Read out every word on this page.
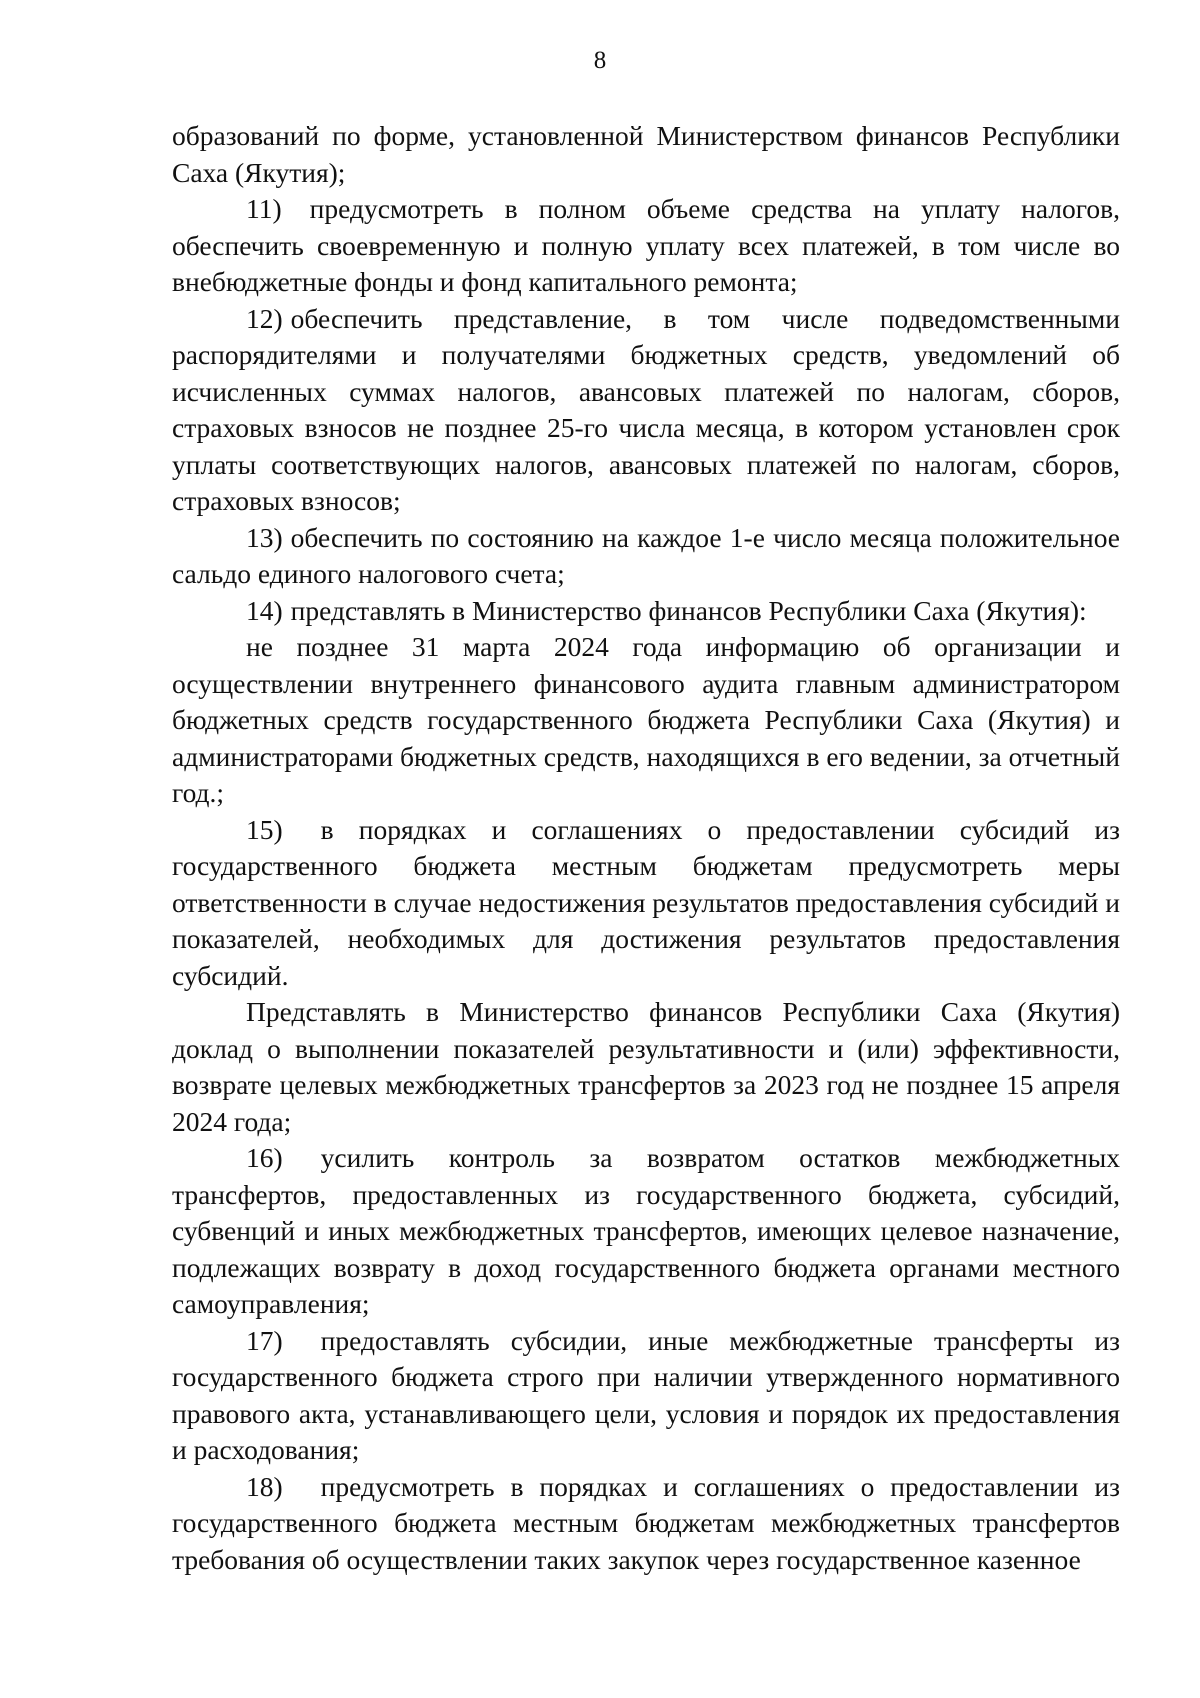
8

образований по форме, установленной Министерством финансов Республики Саха (Якутия);

11) предусмотреть в полном объеме средства на уплату налогов, обеспечить своевременную и полную уплату всех платежей, в том числе во внебюджетные фонды и фонд капитального ремонта;

12) обеспечить представление, в том числе подведомственными распорядителями и получателями бюджетных средств, уведомлений об исчисленных суммах налогов, авансовых платежей по налогам, сборов, страховых взносов не позднее 25-го числа месяца, в котором установлен срок уплаты соответствующих налогов, авансовых платежей по налогам, сборов, страховых взносов;

13) обеспечить по состоянию на каждое 1-е число месяца положительное сальдо единого налогового счета;

14) представлять в Министерство финансов Республики Саха (Якутия):

не позднее 31 марта 2024 года информацию об организации и осуществлении внутреннего финансового аудита главным администратором бюджетных средств государственного бюджета Республики Саха (Якутия) и администраторами бюджетных средств, находящихся в его ведении, за отчетный год.;

15) в порядках и соглашениях о предоставлении субсидий из государственного бюджета местным бюджетам предусмотреть меры ответственности в случае недостижения результатов предоставления субсидий и показателей, необходимых для достижения результатов предоставления субсидий.

Представлять в Министерство финансов Республики Саха (Якутия) доклад о выполнении показателей результативности и (или) эффективности, возврате целевых межбюджетных трансфертов за 2023 год не позднее 15 апреля 2024 года;

16) усилить контроль за возвратом остатков межбюджетных трансфертов, предоставленных из государственного бюджета, субсидий, субвенций и иных межбюджетных трансфертов, имеющих целевое назначение, подлежащих возврату в доход государственного бюджета органами местного самоуправления;

17) предоставлять субсидии, иные межбюджетные трансферты из государственного бюджета строго при наличии утвержденного нормативного правового акта, устанавливающего цели, условия и порядок их предоставления и расходования;

18) предусмотреть в порядках и соглашениях о предоставлении из государственного бюджета местным бюджетам межбюджетных трансфертов требования об осуществлении таких закупок через государственное казенное
